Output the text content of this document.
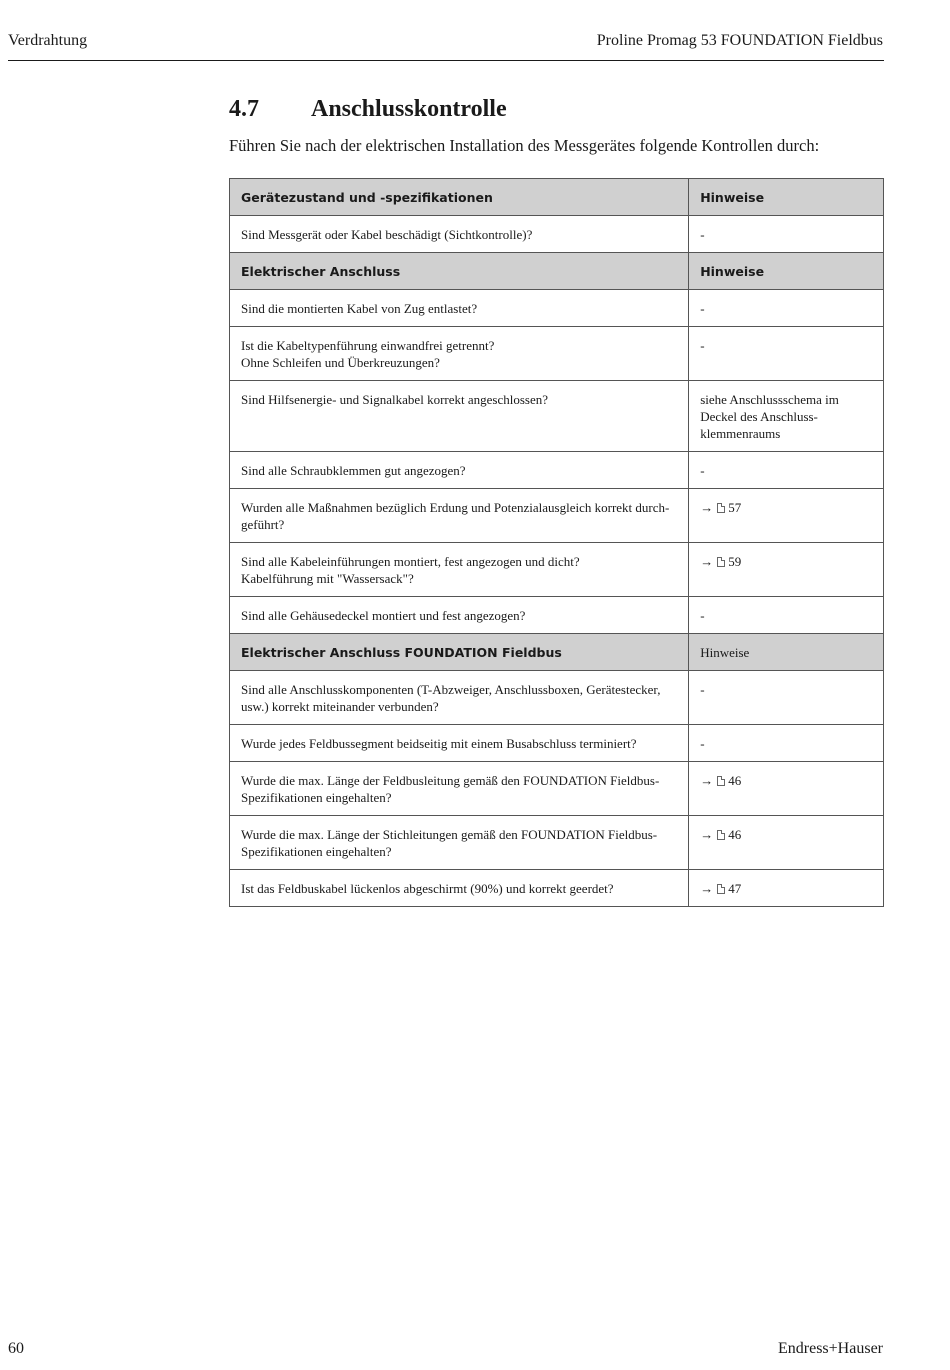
Verdrahtung	Proline Promag 53 FOUNDATION Fieldbus
4.7 Anschlusskontrolle
Führen Sie nach der elektrischen Installation des Messgerätes folgende Kontrollen durch:
Gerätezustand und -spezifikationen	Hinweise
Sind Messgerät oder Kabel beschädigt (Sichtkontrolle)?	-
Elektrischer Anschluss	Hinweise
Sind die montierten Kabel von Zug entlastet?	-

Ist die Kabeltypenführung einwandfrei getrennt?
Ohne Schleifen und Überkreuzungen?	-
Sind Hilfsenergie- und Signalkabel korrekt angeschlossen?	siehe Anschlussschema im
Deckel des Anschluss-
klemmenraums

Sind alle Schraubklemmen gut angezogen?	-

Wurden alle Maßnahmen bezüglich Erdung und Potenzialausgleich korrekt durch-
geführt?	→ 57

Sind alle Kabeleinführungen montiert, fest angezogen und dicht?
Kabelführung mit "Wassersack"?	→ 59
Sind alle Gehäusedeckel montiert und fest angezogen?	-
Elektrischer Anschluss FOUNDATION Fieldbus	Hinweise

Sind alle Anschlusskomponenten (T-Abzweiger, Anschlussboxen, Gerätestecker,
usw.) korrekt miteinander verbunden?	-
Wurde jedes Feldbussegment beidseitig mit einem Busabschluss terminiert?	-

Wurde die max. Länge der Feldbusleitung gemäß den FOUNDATION Fieldbus-
Spezifikationen eingehalten?	→ 46

Wurde die max. Länge der Stichleitungen gemäß den FOUNDATION Fieldbus-
Spezifikationen eingehalten?	→ 46
Ist das Feldbuskabel lückenlos abgeschirmt (90%) und korrekt geerdet?	→ 47
60	Endress+Hauser
